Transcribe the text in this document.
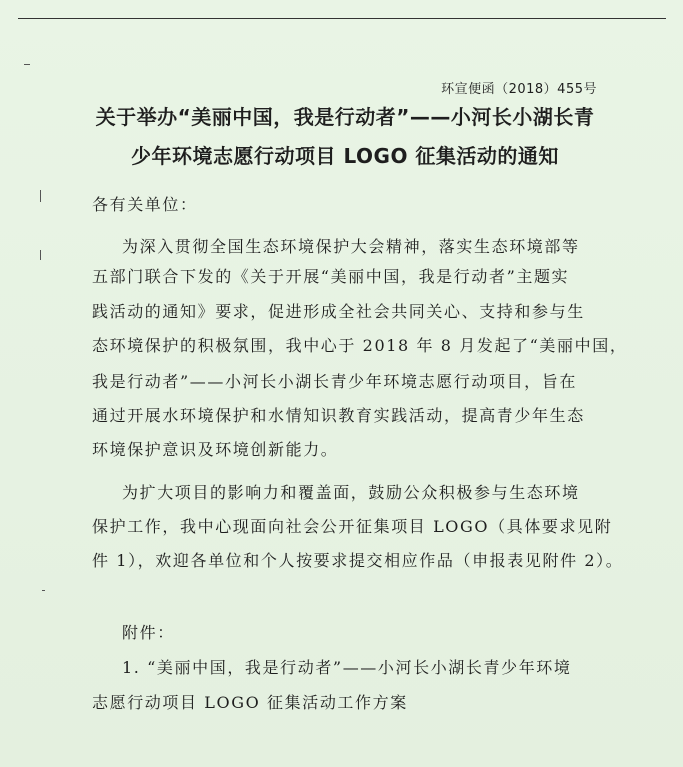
环宣便函（2018）455号
关于举办“美丽中国，我是行动者”——小河长小湖长青
少年环境志愿行动项目 LOGO 征集活动的通知
各有关单位：
为深入贯彻全国生态环境保护大会精神，落实生态环境部等
五部门联合下发的《关于开展“美丽中国，我是行动者”主题实
践活动的通知》要求，促进形成全社会共同关心、支持和参与生
态环境保护的积极氛围，我中心于 2018 年 8 月发起了“美丽中国，
我是行动者”——小河长小湖长青少年环境志愿行动项目，旨在
通过开展水环境保护和水情知识教育实践活动，提高青少年生态
环境保护意识及环境创新能力。
为扩大项目的影响力和覆盖面，鼓励公众积极参与生态环境
保护工作，我中心现面向社会公开征集项目 LOGO（具体要求见附
件 1），欢迎各单位和个人按要求提交相应作品（申报表见附件 2）。
附件：
1. “美丽中国，我是行动者”——小河长小湖长青少年环境
志愿行动项目 LOGO 征集活动工作方案
